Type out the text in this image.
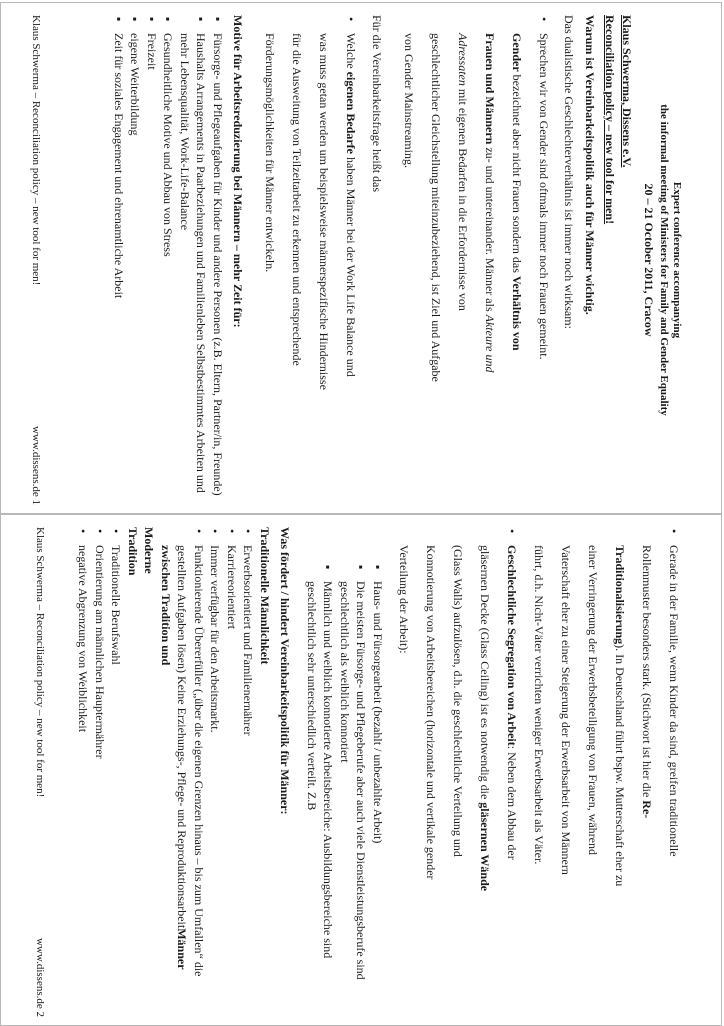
Expert conference accompanying
the informal meeting of Ministers for Family and Gender Equality
20 – 21 October 2011, Cracow

Klaus Schwerma, Dissens e.V.

Reconciliation policy – new tool for men!

Warum ist Vereinbarkeitspolitik auch für Männer wichtig.

Das dualistische Geschlechterverhältnis ist immer noch wirksam:

• Sprechen wir von Gender sind oftmals immer noch Frauen gemeint.
Gender bezeichnet aber nicht Frauen sondern das Verhältnis von
Frauen und Männern zu- und untereinander. Männer als Akteure und
Adressaten mit eigenen Bedarfen in die Erfordernisse von
geschlechtlicher Gleichstellung miteinzubeziehend, ist Ziel und Aufgabe
von Gender Mainstreaming.

Für die Vereinbarkeitsfrage heißt das

• Welche eigenen Bedarfe haben Männer bei der Work Life Balance und
was muss getan werden um beispielsweise männerspezifische Hindernisse
für die Ausweitung von Teilzeitarbeit zu erkennen und entsprechende
Förderungsmöglichkeiten für Männer entwickeln.

Motive für Arbeitsreduzierung bei Männern – mehr Zeit für:

▪ Fürsorge- und Pflegeaufgaben für Kinder und andere Personen (z.B. Eltern, Partner/in, Freunde)
▪ Haushalts Arrangements in Paarbeziehungen und Familienleben Selbstbestimmtes Arbeiten und mehr Lebensqualität, Work-Life-Balance
▪ Gesundheitliche Motive und Abbau von Stress
▪ Freizeit
▪ eigene Weiterbildung
▪ Zeit für soziales Engagement und ehrenamtliche Arbeit
Klaus Schwerma – Reconciliation policy – new tool for men!
www.dissens.de 1
• Gerade in der Familie, wenn Kinder da sind, greifen traditionelle
Rollenmuster besonders stark. (Stichwort ist hier die Re-
Traditionalisierung). In Deutschland führt bspw. Mutterschaft eher zu
einer Verringerung der Erwerbsbeteiligung von Frauen, während
Vaterschaft eher zu einer Steigerung der Erwerbsarbeit von Männern
führt, d.h. Nicht-Väter verrichten weniger Erwerbsarbeit als Väter.
• Geschlechtliche Segregation von Arbeit: Neben dem Abbau der
gläsernen Decke (Glass Ceiling) ist es notwendig die gläsernen Wände
(Glass Walls) aufzulösen, d.h. die geschlechtliche Verteilung und
Konnotierung von Arbeitsbereichen (horizontale und vertikale gender
Verteilung der Arbeit):
▪ Haus- und Fürsorgearbeit (bezahlt / unbezahlte Arbeit)
▪ Die meisten Fürsorge- und Pflegeberufe aber auch viele Dienstleistungsberufe sind geschlechtlich als weiblich konnotiert
▪ Männlich und weiblich konnotierte Arbeitsbereiche: Ausbildungsbereiche sind geschlechtlich sehr unterschiedlich verteilt. Z.B

Was fördert / hindert Vereinbarkeitspolitik für Männer:

Traditionelle Männlichkeit

• Erwerbsorientiert und Familienernährer
• Karriereorientiert
• Immer verfügbar für den Arbeitsmarkt.
• Funktionierende Übererfüller („über die eigenen Grenzen hinaus – bis zum Umfallen“ die gestellten Aufgaben lösen) Keine Erziehungs-, Pflege- und ReproduktionsarbeitMänner zwischen Tradition und

Moderne

Tradition

• Traditionelle Berufswahl
• Orientierung am männlichen Hauptermährer
• negative Abgrenzung von Weiblichkeit
Klaus Schwerma – Reconciliation policy – new tool for men!
www.dissens.de 2
